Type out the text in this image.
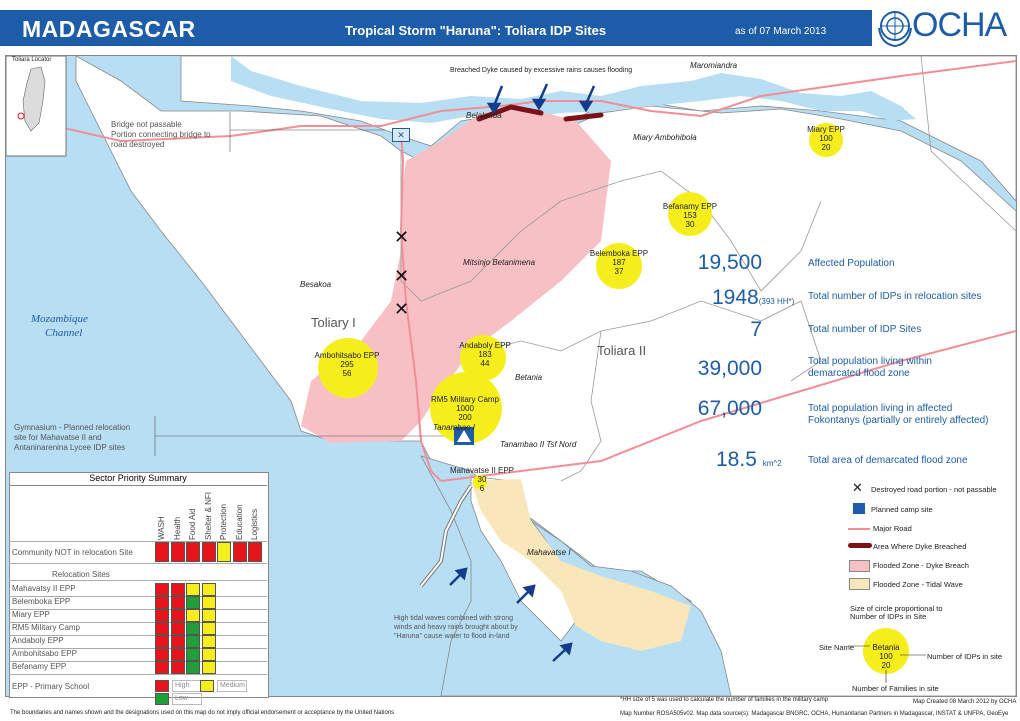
MADAGASCAR	Tropical Storm "Haruna": Toliara IDP Sites	as of 07 March 2013	OCHA
✕
✕
✕
✕
Toliara Locator
Breached Dyke caused by excessive rains causes flooding
Bridge not passable
Portion connecting bridge to
road destroyed
Maromiandra
Belalanda
Miary Ambohibola
Mitsinjo Betanimena
Besakoa
Mozambique
Channel
Toliary I
Toliara II
Betania
Tanambao I
Tanambao II Tsf Nord
Mahavatse I
High tidal waves combined with strong
winds and heavy rains brought about by
"Haruna" cause water to flood in-land
Gymnasium - Planned relocation
site for Mahavatse II and
Antaninarenina Lycee IDP sites
Miary EPP
100
20
Befanamy EPP
153
30
Belemboka EPP
187
37
Andaboly EPP
183
44
Ambohitsabo EPP
295
56
RM5 Military Camp
1000
200
Mahavatse II EPP
30
6
19,500	Affected Population
1948(393 HH*)	Total number of IDPs in relocation sites
7	Total number of IDP Sites
39,000	Total population living within
demarcated flood zone
67,000	Total population living in affected
Fokontanys (partially or entirely affected)
18.5 km^2	Total area of demarcated flood zone
Sector Priority Summary
WASH Health Food Aid Shelter & NFI Protection Education Logistics
Community NOT in relocation Site
Relocation Sites
Mahavatsy II EPP
Belemboka EPP
Miary EPP
RM5 Military Camp
Andaboly EPP
Ambohitsabo EPP
Befanamy EPP
EPP - Primary School	High	Medium
Low
✕ Destroyed road portion - not passable
Planned camp site
Major Road
Area Where Dyke Breached
Flooded Zone - Dyke Breach
Flooded Zone - Tidal Wave
Size of circle proportional to
Number of IDPs in Site
Site Name Betania
100
20
Number of IDPs in site
Number of Families in site
*HH size of 5 was used to calculate the number of families in the military camp	Map Created 08 March 2012 by OCHA
The boundaries and names shown and the designations used on this map do not imply official endorsement or acceptance by the United Nations	Map Number ROSA505v02. Map data source(s): Madagascar BNGRC, OCHA, Humanitarian Partners in Madagascar, INSTAT & UNFPA, GeoEye
